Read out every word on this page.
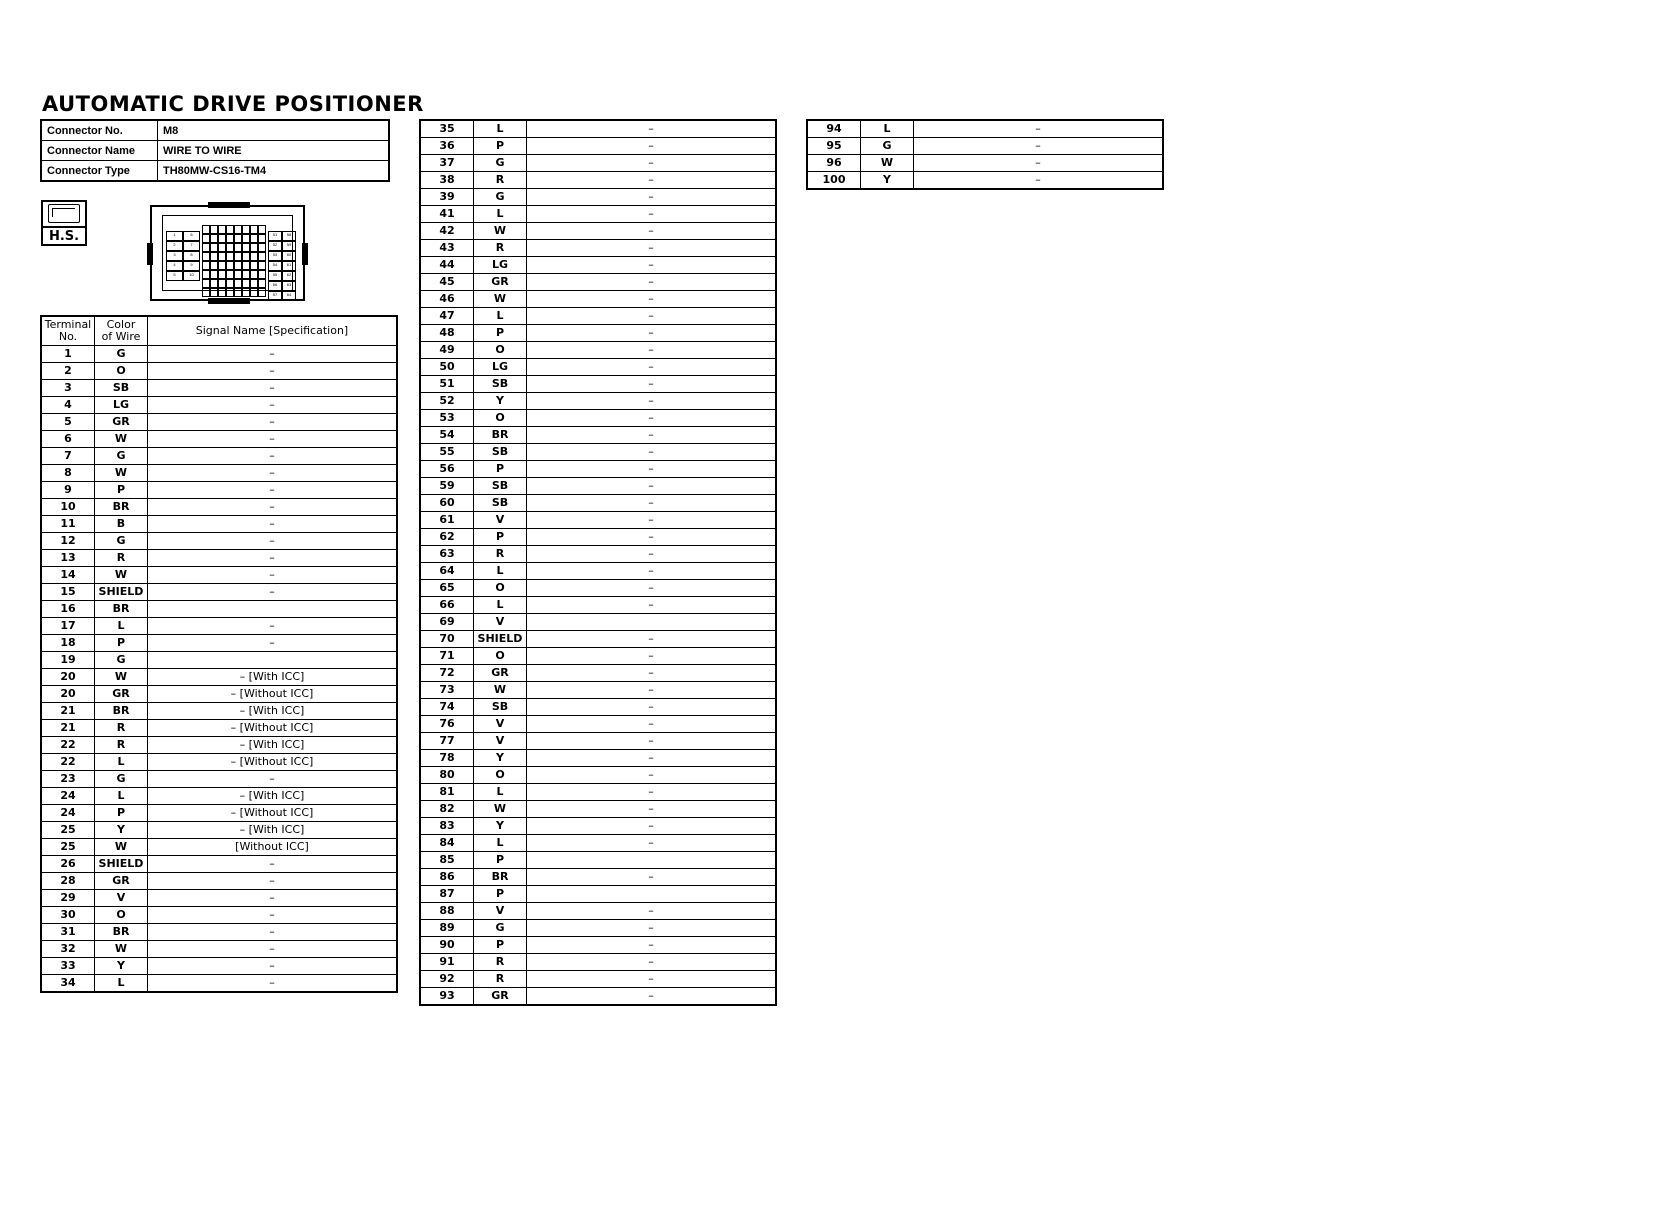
AUTOMATIC DRIVE POSITIONER
Connector No.	M8
Connector Name	WIRE TO WIRE
Connector Type	TH80MW-CS16-TM4
H.S.	1	6
2	7
3	8
4	9
5	10
51	58
52	59
53	60
54	61
55	62
56	63
57	64
Terminal
No.

Color
of Wire	Signal Name [Specification]
1	G	–
2	O	–
3	SB	–
4	LG	–
5	GR	–
6	W	–
7	G	–
8	W	–
9	P	–
10	BR	–
11	B	–
12	G	–
13	R	–
14	W	–
15	SHIELD	–
16	BR	
17	L	–
18	P	–
19	G	
20	W	– [With ICC]
20	GR	– [Without ICC]
21	BR	– [With ICC]
21	R	– [Without ICC]
22	R	– [With ICC]
22	L	– [Without ICC]
23	G	–
24	L	– [With ICC]
24	P	– [Without ICC]
25	Y	– [With ICC]
25	W	[Without ICC]
26	SHIELD	–
28	GR	–
29	V	–
30	O	–
31	BR	–
32	W	–
33	Y	–
34	L	–
35	L	–
36	P	–
37	G	–
38	R	–
39	G	–
41	L	–
42	W	–
43	R	–
44	LG	–
45	GR	–
46	W	–
47	L	–
48	P	–
49	O	–
50	LG	–
51	SB	–
52	Y	–
53	O	–
54	BR	–
55	SB	–
56	P	–
59	SB	–
60	SB	–
61	V	–
62	P	–
63	R	–
64	L	–
65	O	–
66	L	–
69	V	
70	SHIELD	–
71	O	–
72	GR	–
73	W	–
74	SB	–
76	V	–
77	V	–
78	Y	–
80	O	–
81	L	–
82	W	–
83	Y	–
84	L	–
85	P	
86	BR	–
87	P	
88	V	–
89	G	–
90	P	–
91	R	–
92	R	–
93	GR	–
94	L	–
95	G	–
96	W	–
100	Y	–
